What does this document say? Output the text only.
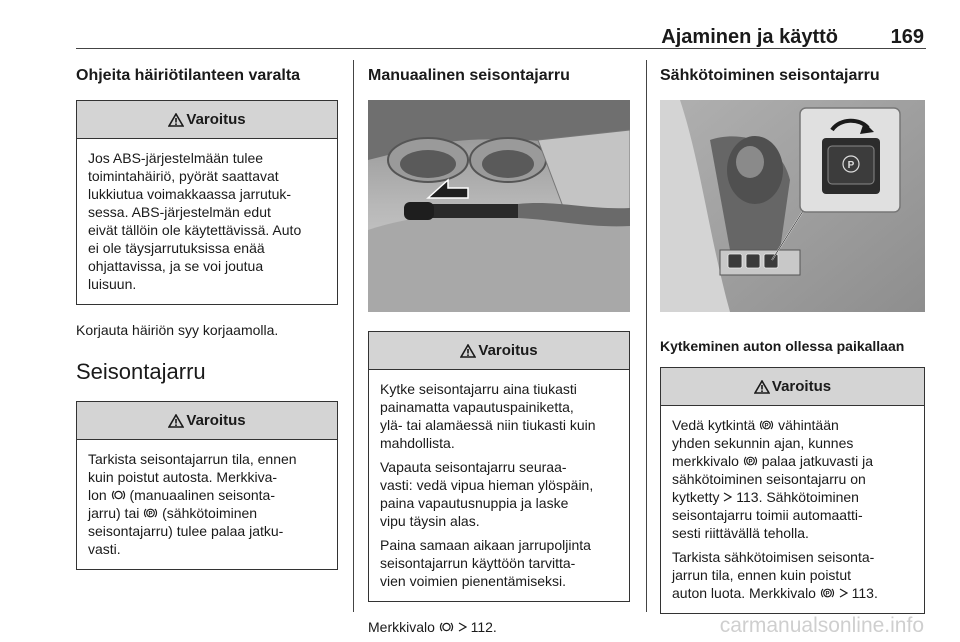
Ajaminen ja käyttö	169
Ohjeita häiriötilanteen varalta
Varoitus
Jos ABS-järjestelmään tulee
toimintahäiriö, pyörät saattavat
lukkiutua voimakkaassa jarrutuk-
sessa. ABS-järjestelmän edut
eivät tällöin ole käytettävissä. Auto
ei ole täysjarrutuksissa enää
ohjattavissa, ja se voi joutua
luisuun.
Korjauta häiriön syy korjaamolla.
Seisontajarru
Varoitus
Tarkista seisontajarrun tila, ennen
kuin poistut autosta. Merkkiva-
lon (manuaalinen seisonta-
jarru) tai P (sähkötoiminen
seisontajarru) tulee palaa jatku-
vasti.
Manuaalinen seisontajarru
Varoitus

Kytke seisontajarru aina tiukasti
painamatta vapautuspainiketta,
ylä- tai alamäessä niin tiukasti kuin
mahdollista.

Vapauta seisontajarru seuraa-
vasti: vedä vipua hieman ylöspäin,
paina vapautusnuppia ja laske
vipu täysin alas.

Paina samaan aikaan jarrupoljinta
seisontajarrun käyttöön tarvitta-
vien voimien pienentämiseksi.

Merkkivalo	112.
Sähkötoiminen seisontajarru
P
Kytkeminen auton ollessa paikallaan
Varoitus

Vedä kytkintä P vähintään
yhden sekunnin ajan, kunnes
merkkivalo P palaa jatkuvasti ja
sähkötoiminen seisontajarru on
kytketty 113. Sähkötoiminen
seisontajarru toimii automaatti-
sesti riittävällä teholla.

Tarkista sähkötoimisen seisonta-
jarrun tila, ennen kuin poistut
auton luota. Merkkivalo P 113.

carmanualsonline.info
